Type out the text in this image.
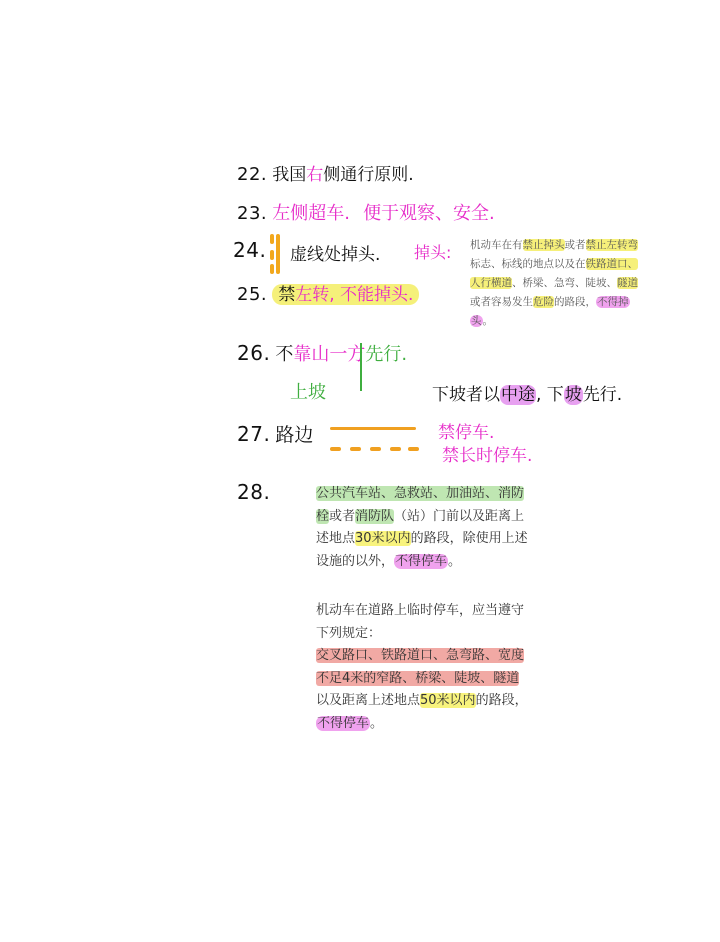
22. 我国右侧通行原则.
23. 左侧超车. 便于观察、安全.
24. 虚线处掉头. 掉头: 机动车在有禁止掉头或者禁止左转弯
标志、标线的地点以及在铁路道口、
人行横道、桥梁、急弯、陡坡、隧道
或者容易发生危险的路段，不得掉
头。
25. 禁左转, 不能掉头.
26. 不靠山一方先行.
上坡	下坡者以中途, 下坡先行.
27. 路边	禁停车.
禁长时停车.
28.	公共汽车站、急救站、加油站、消防
栓或者消防队（站）门前以及距离上
述地点30米以内的路段，除使用上述
设施的以外，不得停车。
机动车在道路上临时停车，应当遵守
下列规定：
交叉路口、铁路道口、急弯路、宽度
不足4米的窄路、桥梁、陡坡、隧道
以及距离上述地点50米以内的路段，
不得停车。
